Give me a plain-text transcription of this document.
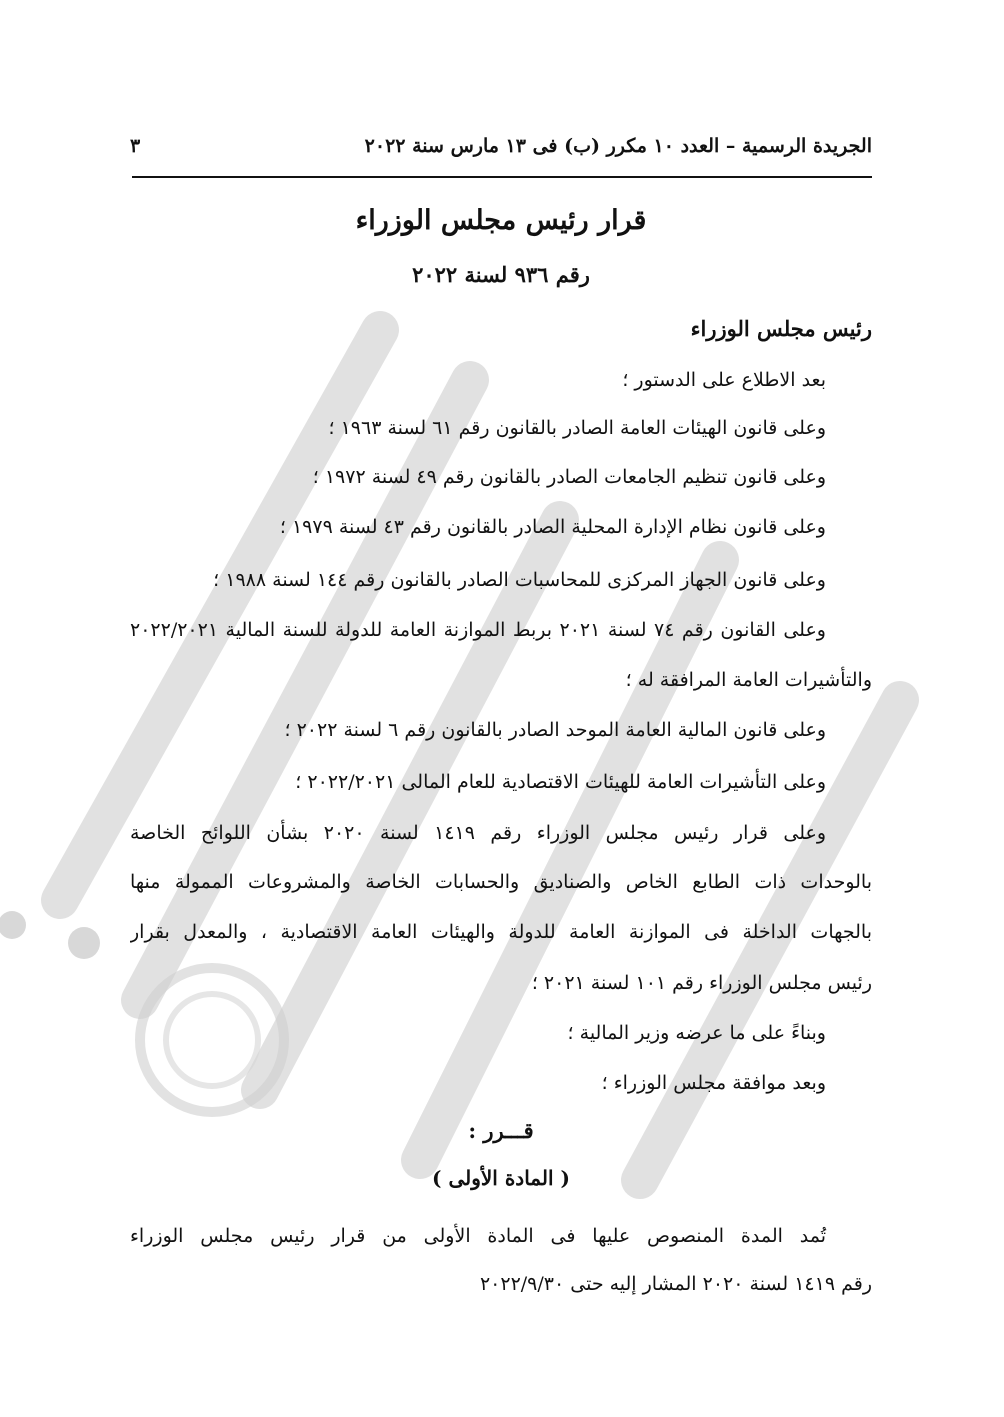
الجريدة الرسمية – العدد ١٠ مكرر (ب) فى ١٣ مارس سنة ٢٠٢٢
٣
قرار رئيس مجلس الوزراء
رقم ٩٣٦ لسنة ٢٠٢٢
رئيس مجلس الوزراء
بعد الاطلاع على الدستور ؛
وعلى قانون الهيئات العامة الصادر بالقانون رقم ٦١ لسنة ١٩٦٣ ؛
وعلى قانون تنظيم الجامعات الصادر بالقانون رقم ٤٩ لسنة ١٩٧٢ ؛
وعلى قانون نظام الإدارة المحلية الصادر بالقانون رقم ٤٣ لسنة ١٩٧٩ ؛
وعلى قانون الجهاز المركزى للمحاسبات الصادر بالقانون رقم ١٤٤ لسنة ١٩٨٨ ؛
وعلى القانون رقم ٧٤ لسنة ٢٠٢١ بربط الموازنة العامة للدولة للسنة المالية ٢٠٢٢/٢٠٢١
والتأشيرات العامة المرافقة له ؛
وعلى قانون المالية العامة الموحد الصادر بالقانون رقم ٦ لسنة ٢٠٢٢ ؛
وعلى التأشيرات العامة للهيئات الاقتصادية للعام المالى ٢٠٢٢/٢٠٢١ ؛
وعلى قرار رئيس مجلس الوزراء رقم ١٤١٩ لسنة ٢٠٢٠ بشأن اللوائح الخاصة
بالوحدات ذات الطابع الخاص والصناديق والحسابات الخاصة والمشروعات الممولة منها
بالجهات الداخلة فى الموازنة العامة للدولة والهيئات العامة الاقتصادية ، والمعدل بقرار
رئيس مجلس الوزراء رقم ١٠١ لسنة ٢٠٢١ ؛
وبناءً على ما عرضه وزير المالية ؛
وبعد موافقة مجلس الوزراء ؛
قـــرر :
( المادة الأولى )
تُمد المدة المنصوص عليها فى المادة الأولى من قرار رئيس مجلس الوزراء
رقم ١٤١٩ لسنة ٢٠٢٠ المشار إليه حتى ٢٠٢٢/٩/٣٠
